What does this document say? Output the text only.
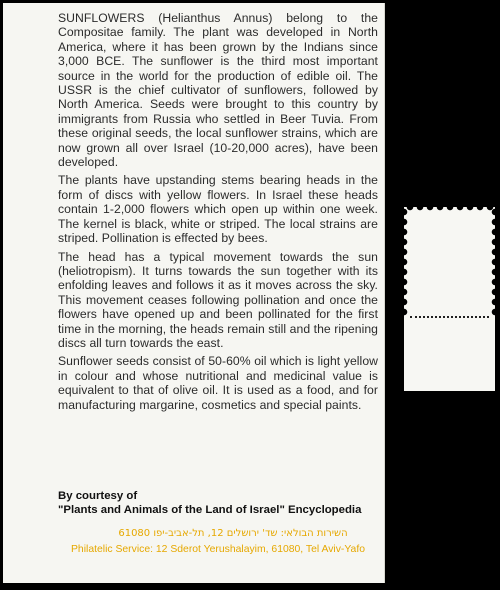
SUNFLOWERS (Helianthus Annus) belong to the Compositae family. The plant was developed in North America, where it has been grown by the Indians since 3,000 BCE. The sunflower is the third most important source in the world for the production of edible oil. The USSR is the chief cultivator of sunflowers, followed by North America. Seeds were brought to this country by immigrants from Russia who settled in Beer Tuvia. From these original seeds, the local sunflower strains, which are now grown all over Israel (10-20,000 acres), have been developed.

The plants have upstanding stems bearing heads in the form of discs with yellow flowers. In Israel these heads contain 1-2,000 flowers which open up within one week. The kernel is black, white or striped. The local strains are striped. Pollination is effected by bees.

The head has a typical movement towards the sun (heliotropism). It turns towards the sun together with its enfolding leaves and follows it as it moves across the sky. This movement ceases following pollination and once the flowers have opened up and been pollinated for the first time in the morning, the heads remain still and the ripening discs all turn towards the east.

Sunflower seeds consist of 50-60% oil which is light yellow in colour and whose nutritional and medicinal value is equivalent to that of olive oil. It is used as a food, and for manufacturing margarine, cosmetics and special paints.

By courtesy of
"Plants and Animals of the Land of Israel" Encyclopedia
השירות הבולאי: שד' ירושלים 12, תל-אביב-יפו 61080
Philatelic Service: 12 Sderot Yerushalayim, 61080, Tel Aviv-Yafo
